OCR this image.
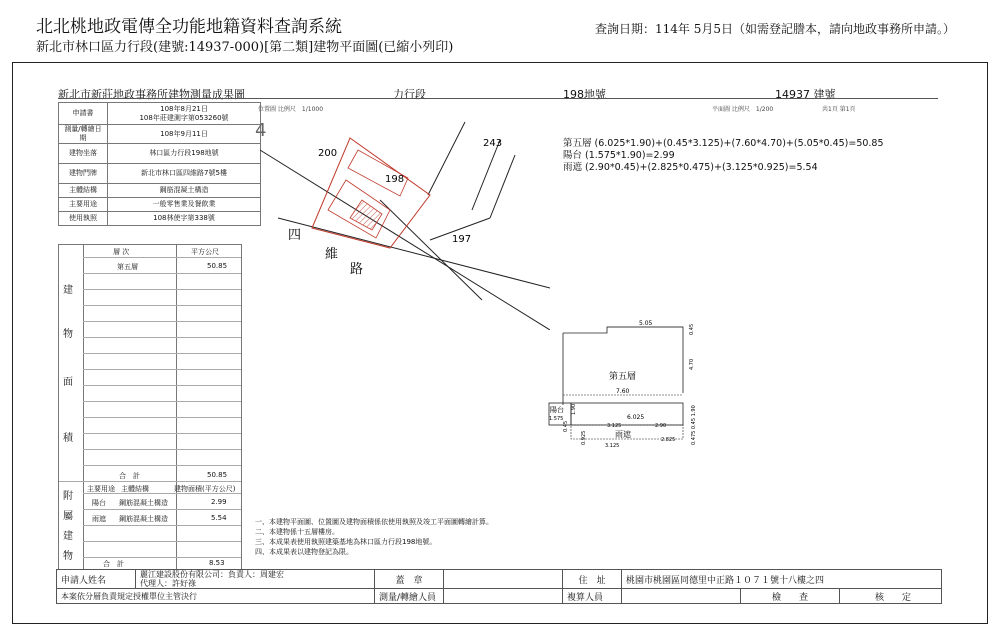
北北桃地政電傳全功能地籍資料查詢系統
新北市林口區力行段(建號:14937-000)[第二類]建物平面圖(已縮小列印)
查詢日期：114年 5月5日（如需登記謄本，請向地政事務所申請。）
新北市新莊地政事務所建物測量成果圖	力行段	198地號	14937 建號
位置圖 比例尺　1/1000	平面圖 比例尺　1/200	共1頁 第1頁
申請書	108年8月21日
108年莊建測字第053260號

測量/轉繪日期	108年9月11日
建物坐落	林口區力行段198地號
建物門牌	新北市林口區四維路7號5樓
主體結構	鋼筋混凝土構造
主要用途	一般零售業及餐飲業
使用執照	108林使字第338號
層 次	平方公尺
第五層	50.85
合　計	50.85
主要用途 主體結構	建物面積(平方公尺)
陽台 鋼筋混凝土構造	2.99
雨遮 鋼筋混凝土構造	5.54
合　計	8.53
建
物
面
積
附
屬
建
物
4
243
200
198
197
四
維
路
第五層 (6.025*1.90)+(0.45*3.125)+(7.60*4.70)+(5.05*0.45)=50.85
陽台 (1.575*1.90)=2.99
雨遮 (2.90*0.45)+(2.825*0.475)+(3.125*0.925)=5.54
5.05
0.45
4.70
第五層
7.60
陽台
1.575
1.90
6.025
0.45	3.125	2.90
雨遮
0.925	2.825
3.125
0.475 0.45 1.90
一、本建物平面圖、位置圖及建物面積係依使用執照及竣工平面圖轉繪計算。
二、本建物係十五層樓房。
三、本成果表使用執照建築基地為林口區力行段198地號。
四、本成果表以建物登記為限。
申請人姓名	麗江建設股份有限公司：負責人：周建宏
代理人：許好祿	蓋　章		住　址	桃園市桃園區同德里中正路１０７１號十八樓之四		
本案依分層負責規定授權單位主管決行		測量/轉繪人員		複算人員		檢　　查	核　　定
